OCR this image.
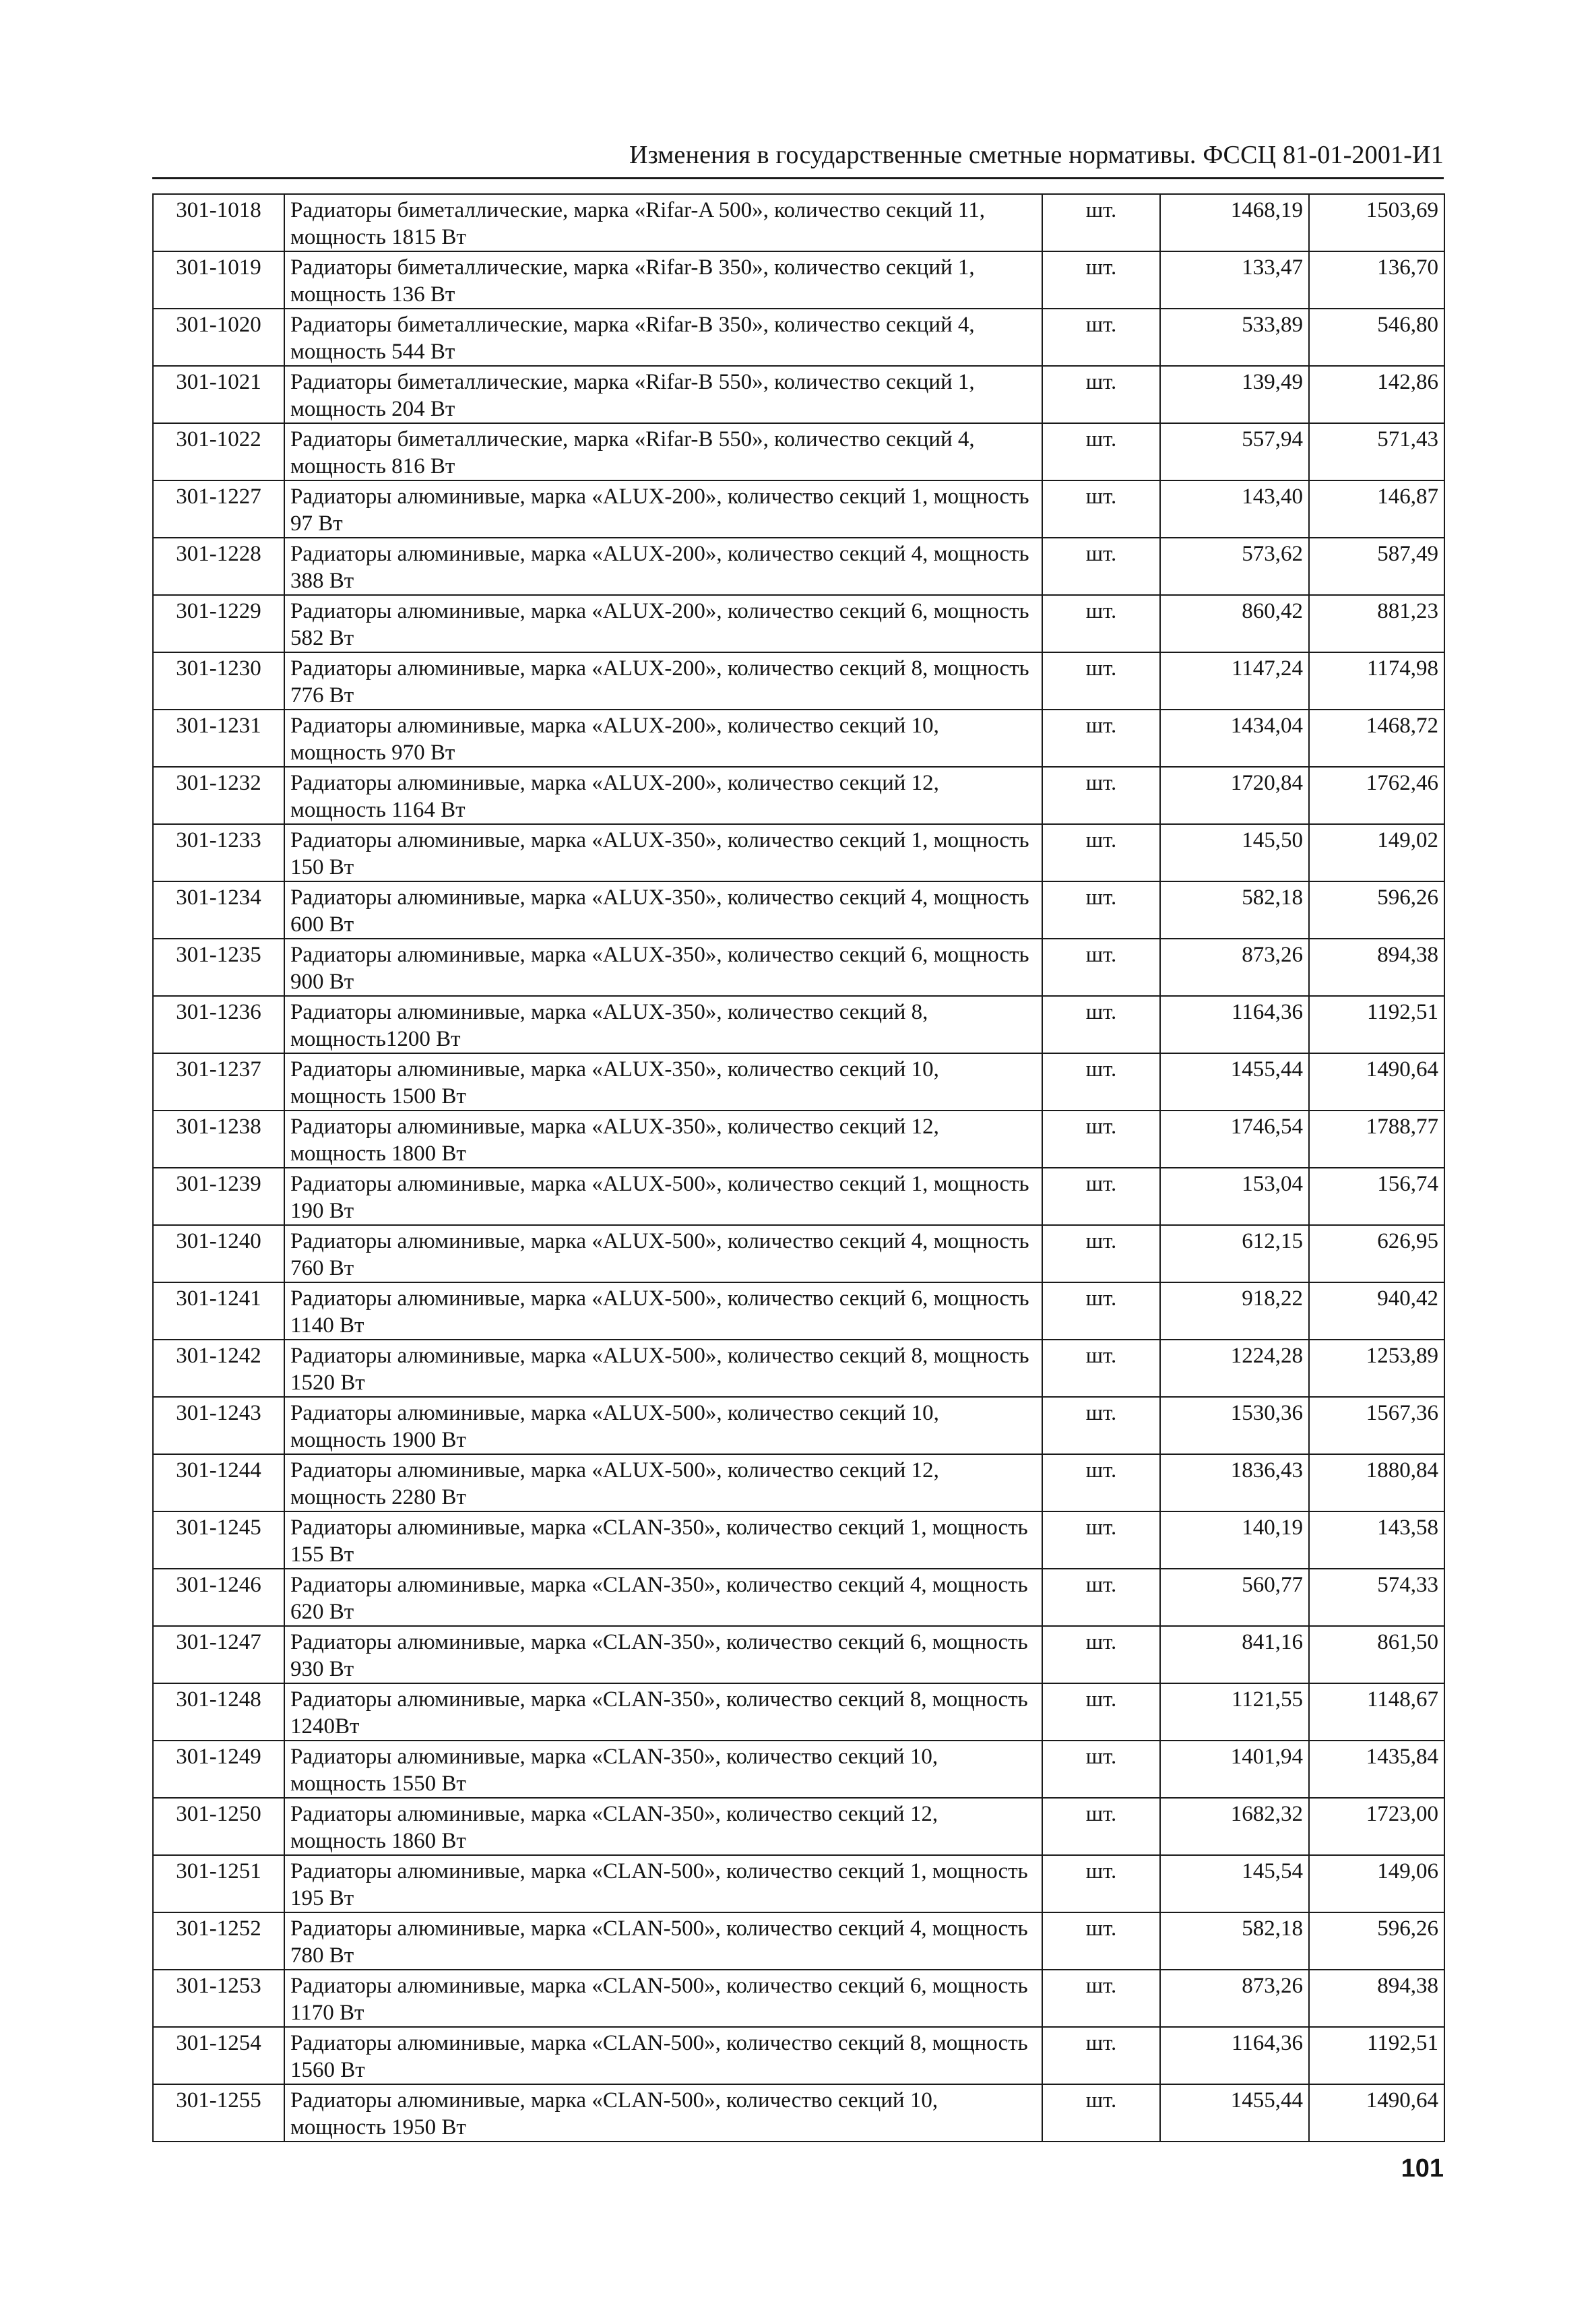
Изменения в государственные сметные нормативы. ФССЦ 81-01-2001-И1
301-1018	Радиаторы биметаллические, марка «Rifar-A 500», количество секций 11, мощность 1815 Вт	шт.	1468,19	1503,69
301-1019	Радиаторы биметаллические, марка «Rifar-B 350», количество секций 1, мощность 136 Вт	шт.	133,47	136,70
301-1020	Радиаторы биметаллические, марка «Rifar-B 350», количество секций 4, мощность 544 Вт	шт.	533,89	546,80
301-1021	Радиаторы биметаллические, марка «Rifar-B 550», количество секций 1, мощность 204 Вт	шт.	139,49	142,86
301-1022	Радиаторы биметаллические, марка «Rifar-B 550», количество секций 4, мощность 816 Вт	шт.	557,94	571,43
301-1227	Радиаторы алюминивые, марка «ALUX-200», количество секций 1, мощность 97 Вт	шт.	143,40	146,87
301-1228	Радиаторы алюминивые, марка «ALUX-200», количество секций 4, мощность 388 Вт	шт.	573,62	587,49
301-1229	Радиаторы алюминивые, марка «ALUX-200», количество секций 6, мощность 582 Вт	шт.	860,42	881,23
301-1230	Радиаторы алюминивые, марка «ALUX-200», количество секций 8, мощность 776 Вт	шт.	1147,24	1174,98
301-1231	Радиаторы алюминивые, марка «ALUX-200», количество секций 10, мощность 970 Вт	шт.	1434,04	1468,72
301-1232	Радиаторы алюминивые, марка «ALUX-200», количество секций 12, мощность 1164 Вт	шт.	1720,84	1762,46
301-1233	Радиаторы алюминивые, марка «ALUX-350», количество секций 1, мощность 150 Вт	шт.	145,50	149,02
301-1234	Радиаторы алюминивые, марка «ALUX-350», количество секций 4, мощность 600 Вт	шт.	582,18	596,26
301-1235	Радиаторы алюминивые, марка «ALUX-350», количество секций 6, мощность 900 Вт	шт.	873,26	894,38
301-1236	Радиаторы алюминивые, марка «ALUX-350», количество секций 8, мощность1200 Вт	шт.	1164,36	1192,51
301-1237	Радиаторы алюминивые, марка «ALUX-350», количество секций 10, мощность 1500 Вт	шт.	1455,44	1490,64
301-1238	Радиаторы алюминивые, марка «ALUX-350», количество секций 12, мощность 1800 Вт	шт.	1746,54	1788,77
301-1239	Радиаторы алюминивые, марка «ALUX-500», количество секций 1, мощность 190 Вт	шт.	153,04	156,74
301-1240	Радиаторы алюминивые, марка «ALUX-500», количество секций 4, мощность 760 Вт	шт.	612,15	626,95
301-1241	Радиаторы алюминивые, марка «ALUX-500», количество секций 6, мощность 1140 Вт	шт.	918,22	940,42
301-1242	Радиаторы алюминивые, марка «ALUX-500», количество секций 8, мощность 1520 Вт	шт.	1224,28	1253,89
301-1243	Радиаторы алюминивые, марка «ALUX-500», количество секций 10, мощность 1900 Вт	шт.	1530,36	1567,36
301-1244	Радиаторы алюминивые, марка «ALUX-500», количество секций 12, мощность 2280 Вт	шт.	1836,43	1880,84
301-1245	Радиаторы алюминивые, марка «CLAN-350», количество секций 1, мощность 155 Вт	шт.	140,19	143,58
301-1246	Радиаторы алюминивые, марка «CLAN-350», количество секций 4, мощность 620 Вт	шт.	560,77	574,33
301-1247	Радиаторы алюминивые, марка «CLAN-350», количество секций 6, мощность 930 Вт	шт.	841,16	861,50
301-1248	Радиаторы алюминивые, марка «CLAN-350», количество секций 8, мощность 1240Вт	шт.	1121,55	1148,67
301-1249	Радиаторы алюминивые, марка «CLAN-350», количество секций 10, мощность 1550 Вт	шт.	1401,94	1435,84
301-1250	Радиаторы алюминивые, марка «CLAN-350», количество секций 12, мощность 1860 Вт	шт.	1682,32	1723,00
301-1251	Радиаторы алюминивые, марка «CLAN-500», количество секций 1, мощность 195 Вт	шт.	145,54	149,06
301-1252	Радиаторы алюминивые, марка «CLAN-500», количество секций 4, мощность 780 Вт	шт.	582,18	596,26
301-1253	Радиаторы алюминивые, марка «CLAN-500», количество секций 6, мощность 1170 Вт	шт.	873,26	894,38
301-1254	Радиаторы алюминивые, марка «CLAN-500», количество секций 8, мощность 1560 Вт	шт.	1164,36	1192,51
301-1255	Радиаторы алюминивые, марка «CLAN-500», количество секций 10, мощность 1950 Вт	шт.	1455,44	1490,64
101
